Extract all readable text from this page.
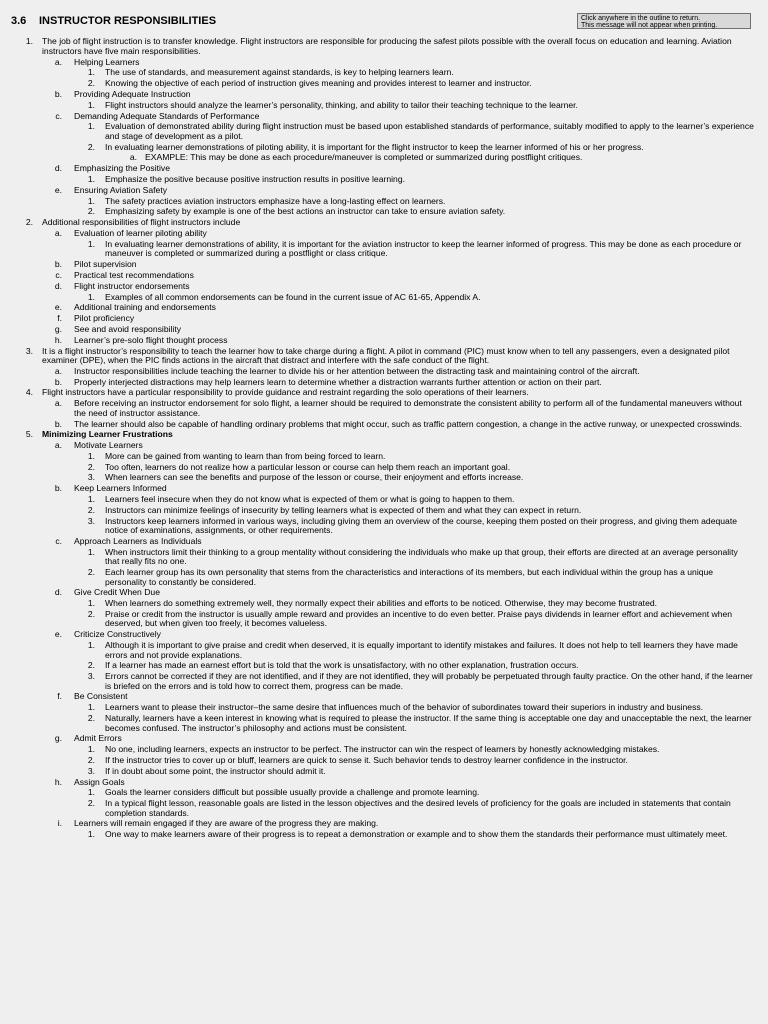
3.6 INSTRUCTOR RESPONSIBILITIES	Click anywhere in the outline to return.
This message will not appear when printing.
1. The job of flight instruction is to transfer knowledge. Flight instructors are responsible for producing the safest pilots possible with the overall focus on education and learning. Aviation instructors have five main responsibilities.
a. Helping Learners
1. The use of standards, and measurement against standards, is key to helping learners learn.
2. Knowing the objective of each period of instruction gives meaning and provides interest to learner and instructor.
b. Providing Adequate Instruction
1. Flight instructors should analyze the learner’s personality, thinking, and ability to tailor their teaching technique to the learner.
c. Demanding Adequate Standards of Performance
1. Evaluation of demonstrated ability during flight instruction must be based upon established standards of performance, suitably modified to apply to the learner’s experience and stage of development as a pilot.
2. In evaluating learner demonstrations of piloting ability, it is important for the flight instructor to keep the learner informed of his or her progress.
a. EXAMPLE: This may be done as each procedure/maneuver is completed or summarized during postflight critiques.
d. Emphasizing the Positive
1. Emphasize the positive because positive instruction results in positive learning.
e. Ensuring Aviation Safety
1. The safety practices aviation instructors emphasize have a long-lasting effect on learners.
2. Emphasizing safety by example is one of the best actions an instructor can take to ensure aviation safety.
2. Additional responsibilities of flight instructors include
a. Evaluation of learner piloting ability
1. In evaluating learner demonstrations of ability, it is important for the aviation instructor to keep the learner informed of progress. This may be done as each procedure or maneuver is completed or summarized during a postflight or class critique.
b. Pilot supervision
c. Practical test recommendations
d. Flight instructor endorsements
1. Examples of all common endorsements can be found in the current issue of AC 61-65, Appendix A.
e. Additional training and endorsements
f. Pilot proficiency
g. See and avoid responsibility
h. Learner’s pre-solo flight thought process
3. It is a flight instructor’s responsibility to teach the learner how to take charge during a flight. A pilot in command (PIC) must know when to tell any passengers, even a designated pilot examiner (DPE), when the PIC finds actions in the aircraft that distract and interfere with the safe conduct of the flight.
a. Instructor responsibilities include teaching the learner to divide his or her attention between the distracting task and maintaining control of the aircraft.
b. Properly interjected distractions may help learners learn to determine whether a distraction warrants further attention or action on their part.
4. Flight instructors have a particular responsibility to provide guidance and restraint regarding the solo operations of their learners.
a. Before receiving an instructor endorsement for solo flight, a learner should be required to demonstrate the consistent ability to perform all of the fundamental maneuvers without the need of instructor assistance.
b. The learner should also be capable of handling ordinary problems that might occur, such as traffic pattern congestion, a change in the active runway, or unexpected crosswinds.
5. Minimizing Learner Frustrations
a. Motivate Learners
1. More can be gained from wanting to learn than from being forced to learn.
2. Too often, learners do not realize how a particular lesson or course can help them reach an important goal.
3. When learners can see the benefits and purpose of the lesson or course, their enjoyment and efforts increase.
b. Keep Learners Informed
1. Learners feel insecure when they do not know what is expected of them or what is going to happen to them.
2. Instructors can minimize feelings of insecurity by telling learners what is expected of them and what they can expect in return.
3. Instructors keep learners informed in various ways, including giving them an overview of the course, keeping them posted on their progress, and giving them adequate notice of examinations, assignments, or other requirements.
c. Approach Learners as Individuals
1. When instructors limit their thinking to a group mentality without considering the individuals who make up that group, their efforts are directed at an average personality that really fits no one.
2. Each learner group has its own personality that stems from the characteristics and interactions of its members, but each individual within the group has a unique personality to constantly be considered.
d. Give Credit When Due
1. When learners do something extremely well, they normally expect their abilities and efforts to be noticed. Otherwise, they may become frustrated.
2. Praise or credit from the instructor is usually ample reward and provides an incentive to do even better. Praise pays dividends in learner effort and achievement when deserved, but when given too freely, it becomes valueless.
e. Criticize Constructively
1. Although it is important to give praise and credit when deserved, it is equally important to identify mistakes and failures. It does not help to tell learners they have made errors and not provide explanations.
2. If a learner has made an earnest effort but is told that the work is unsatisfactory, with no other explanation, frustration occurs.
3. Errors cannot be corrected if they are not identified, and if they are not identified, they will probably be perpetuated through faulty practice. On the other hand, if the learner is briefed on the errors and is told how to correct them, progress can be made.
f. Be Consistent
1. Learners want to please their instructor–the same desire that influences much of the behavior of subordinates toward their superiors in industry and business.
2. Naturally, learners have a keen interest in knowing what is required to please the instructor. If the same thing is acceptable one day and unacceptable the next, the learner becomes confused. The instructor’s philosophy and actions must be consistent.
g. Admit Errors
1. No one, including learners, expects an instructor to be perfect. The instructor can win the respect of learners by honestly acknowledging mistakes.
2. If the instructor tries to cover up or bluff, learners are quick to sense it. Such behavior tends to destroy learner confidence in the instructor.
3. If in doubt about some point, the instructor should admit it.
h. Assign Goals
1. Goals the learner considers difficult but possible usually provide a challenge and promote learning.
2. In a typical flight lesson, reasonable goals are listed in the lesson objectives and the desired levels of proficiency for the goals are included in statements that contain completion standards.
i. Learners will remain engaged if they are aware of the progress they are making.
1. One way to make learners aware of their progress is to repeat a demonstration or example and to show them the standards their performance must ultimately meet.
